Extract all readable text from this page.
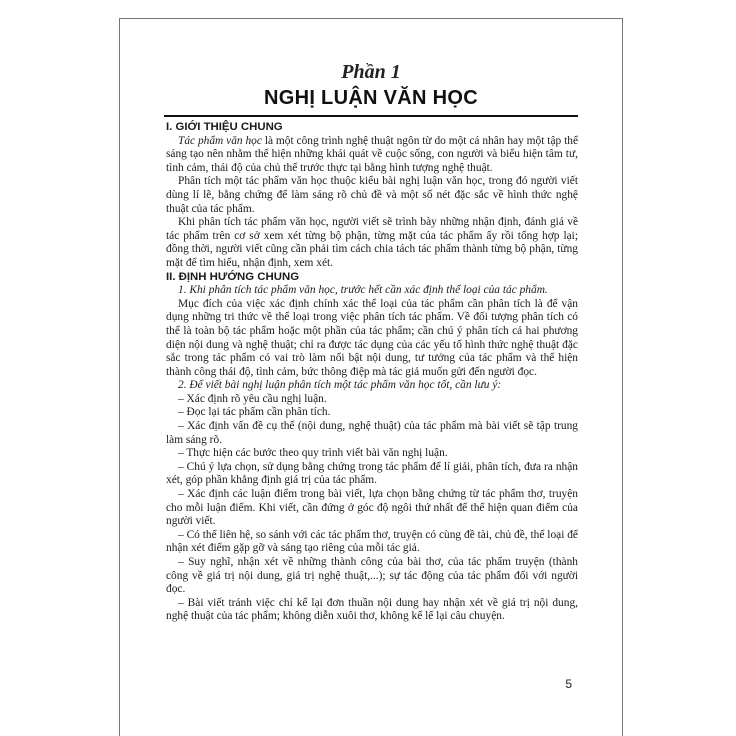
Phần 1
NGHỊ LUẬN VĂN HỌC

I. GIỚI THIỆU CHUNG

Tác phẩm văn học là một công trình nghệ thuật ngôn từ do một cá nhân hay một tập thể sáng tạo nên nhằm thể hiện những khái quát về cuộc sống, con người và biểu hiện tâm tư, tình cảm, thái độ của chủ thể trước thực tại bằng hình tượng nghệ thuật.

Phân tích một tác phẩm văn học thuộc kiểu bài nghị luận văn học, trong đó người viết dùng lí lẽ, bằng chứng để làm sáng rõ chủ đề và một số nét đặc sắc về hình thức nghệ thuật của tác phẩm.

Khi phân tích tác phẩm văn học, người viết sẽ trình bày những nhận định, đánh giá về tác phẩm trên cơ sở xem xét từng bộ phận, từng mặt của tác phẩm ấy rồi tổng hợp lại; đồng thời, người viết cũng cần phải tìm cách chia tách tác phẩm thành từng bộ phận, từng mặt để tìm hiểu, nhận định, xem xét.

II. ĐỊNH HƯỚNG CHUNG

1. Khi phân tích tác phẩm văn học, trước hết cần xác định thể loại của tác phẩm.

Mục đích của việc xác định chính xác thể loại của tác phẩm cần phân tích là để vận dụng những tri thức về thể loại trong việc phân tích tác phẩm. Về đối tượng phân tích có thể là toàn bộ tác phẩm hoặc một phần của tác phẩm; cần chú ý phân tích cả hai phương diện nội dung và nghệ thuật; chỉ ra được tác dụng của các yếu tố hình thức nghệ thuật đặc sắc trong tác phẩm có vai trò làm nổi bật nội dung, tư tưởng của tác phẩm và thể hiện thành công thái độ, tình cảm, bức thông điệp mà tác giả muốn gửi đến người đọc.

2. Để viết bài nghị luận phân tích một tác phẩm văn học tốt, cần lưu ý:

– Xác định rõ yêu cầu nghị luận.

– Đọc lại tác phẩm cần phân tích.

– Xác định vấn đề cụ thể (nội dung, nghệ thuật) của tác phẩm mà bài viết sẽ tập trung làm sáng rõ.

– Thực hiện các bước theo quy trình viết bài văn nghị luận.

– Chú ý lựa chọn, sử dụng bằng chứng trong tác phẩm để lí giải, phân tích, đưa ra nhận xét, góp phần khẳng định giá trị của tác phẩm.

– Xác định các luận điểm trong bài viết, lựa chọn bằng chứng từ tác phẩm thơ, truyện cho mỗi luận điểm. Khi viết, cần đứng ở góc độ ngôi thứ nhất để thể hiện quan điểm của người viết.

– Có thể liên hệ, so sánh với các tác phẩm thơ, truyện có cùng đề tài, chủ đề, thể loại để nhận xét điểm gặp gỡ và sáng tạo riêng của mỗi tác giả.

– Suy nghĩ, nhận xét về những thành công của bài thơ, của tác phẩm truyện (thành công về giá trị nội dung, giá trị nghệ thuật,...); sự tác động của tác phẩm đối với người đọc.

– Bài viết tránh việc chỉ kể lại đơn thuần nội dung hay nhận xét về giá trị nội dung, nghệ thuật của tác phẩm; không diễn xuôi thơ, không kể lể lại câu chuyện.

5
